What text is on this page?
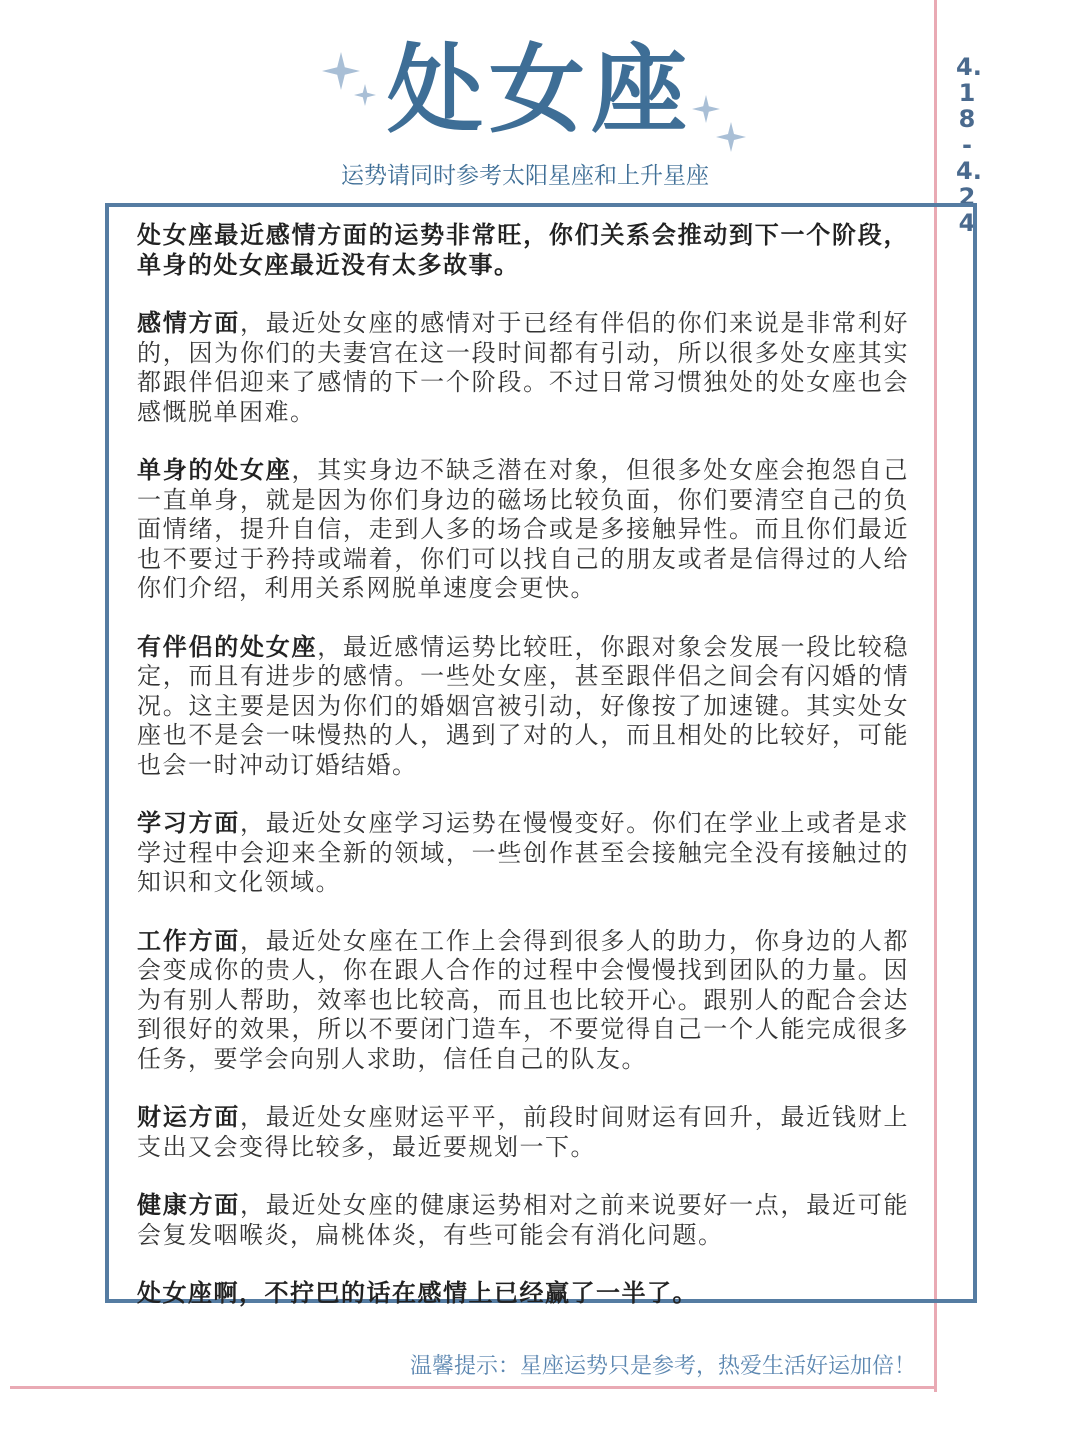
处女座

运势请同时参考太阳星座和上升星座

4.18-4.24

处女座最近感情方面的运势非常旺，你们关系会推动到下一个阶段，单身的处女座最近没有太多故事。

感情方面，最近处女座的感情对于已经有伴侣的你们来说是非常利好的，因为你们的夫妻宫在这一段时间都有引动，所以很多处女座其实都跟伴侣迎来了感情的下一个阶段。不过日常习惯独处的处女座也会感慨脱单困难。

单身的处女座，其实身边不缺乏潜在对象，但很多处女座会抱怨自己一直单身，就是因为你们身边的磁场比较负面，你们要清空自己的负面情绪，提升自信，走到人多的场合或是多接触异性。而且你们最近也不要过于矜持或端着，你们可以找自己的朋友或者是信得过的人给你们介绍，利用关系网脱单速度会更快。

有伴侣的处女座，最近感情运势比较旺，你跟对象会发展一段比较稳定，而且有进步的感情。一些处女座，甚至跟伴侣之间会有闪婚的情况。这主要是因为你们的婚姻宫被引动，好像按了加速键。其实处女座也不是会一味慢热的人，遇到了对的人，而且相处的比较好，可能也会一时冲动订婚结婚。

学习方面，最近处女座学习运势在慢慢变好。你们在学业上或者是求学过程中会迎来全新的领域，一些创作甚至会接触完全没有接触过的知识和文化领域。

工作方面，最近处女座在工作上会得到很多人的助力，你身边的人都会变成你的贵人，你在跟人合作的过程中会慢慢找到团队的力量。因为有别人帮助，效率也比较高，而且也比较开心。跟别人的配合会达到很好的效果，所以不要闭门造车，不要觉得自己一个人能完成很多任务，要学会向别人求助，信任自己的队友。

财运方面，最近处女座财运平平，前段时间财运有回升，最近钱财上支出又会变得比较多，最近要规划一下。

健康方面，最近处女座的健康运势相对之前来说要好一点，最近可能会复发咽喉炎，扁桃体炎，有些可能会有消化问题。

处女座啊，不拧巴的话在感情上已经赢了一半了。

温馨提示：星座运势只是参考，热爱生活好运加倍！
